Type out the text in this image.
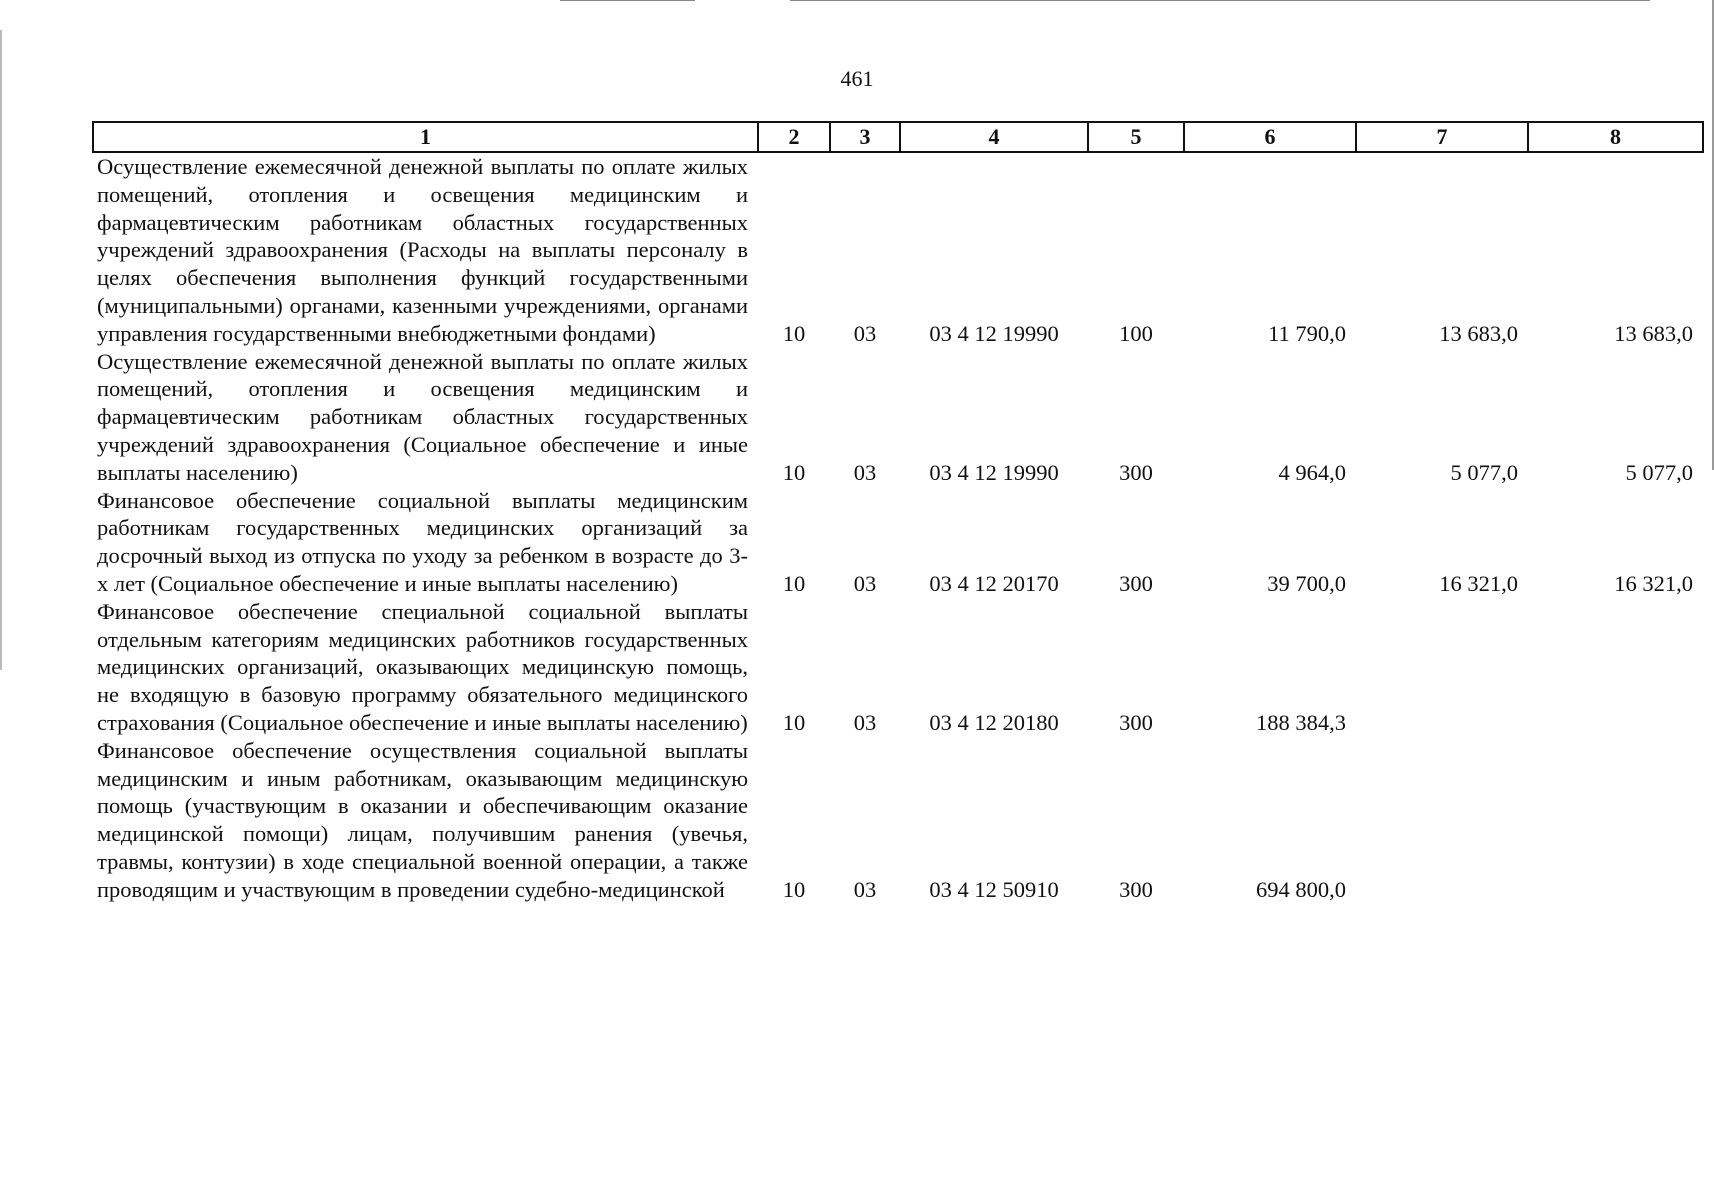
461
1	2	3	4	5	6	7	8
Осуществление ежемесячной денежной выплаты по оплате жилых помещений, отопления и освещения медицинским и фармацевтическим работникам областных государственных учреждений здравоохранения (Расходы на выплаты персоналу в целях обеспечения выполнения функций государственными (муниципальными) органами, казенными учреждениями, органами управления государственными внебюджетными фондами)	10	03	03 4 12 19990	100	11 790,0	13 683,0	13 683,0
Осуществление ежемесячной денежной выплаты по оплате жилых помещений, отопления и освещения медицинским и фармацевтическим работникам областных государственных учреждений здравоохранения (Социальное обеспечение и иные выплаты населению)	10	03	03 4 12 19990	300	4 964,0	5 077,0	5 077,0
Финансовое обеспечение социальной выплаты медицинским работникам государственных медицинских организаций за досрочный выход из отпуска по уходу за ребенком в возрасте до 3-х лет (Социальное обеспечение и иные выплаты населению)	10	03	03 4 12 20170	300	39 700,0	16 321,0	16 321,0
Финансовое обеспечение специальной социальной выплаты отдельным категориям медицинских работников государственных медицинских организаций, оказывающих медицинскую помощь, не входящую в базовую программу обязательного медицинского страхования (Социальное обеспечение и иные выплаты населению)	10	03	03 4 12 20180	300	188 384,3		
Финансовое обеспечение осуществления социальной выплаты медицинским и иным работникам, оказывающим медицинскую помощь (участвующим в оказании и обеспечивающим оказание медицинской помощи) лицам, получившим ранения (увечья, травмы, контузии) в ходе специальной военной операции, а также проводящим и участвующим в проведении судебно-медицинской	10	03	03 4 12 50910	300	694 800,0		
